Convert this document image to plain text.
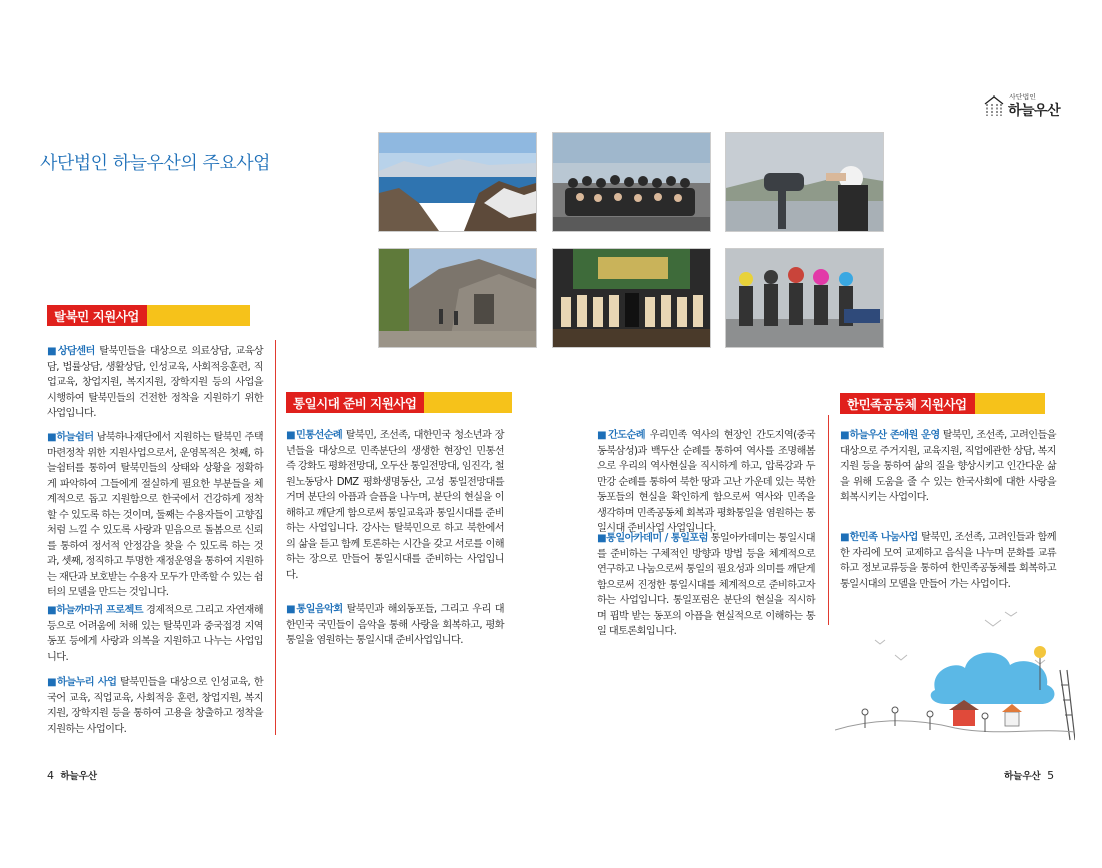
사단법인
하늘우산
사단법인 하늘우산의 주요사업
탈북민 지원사업
통일시대 준비 지원사업	한민족공동체 지원사업
■상담센터 탈북민들을 대상으로 의료상담, 교육상담, 법률상담, 생활상담, 인성교육, 사회적응훈련, 직업교육, 창업지원, 복지지원, 장학지원 등의 사업을 시행하여 탈북민들의 건전한 정착을 지원하기 위한 사업입니다.
■하늘쉼터 남북하나재단에서 지원하는 탈북민 주택 마련정착 위한 지원사업으로서, 운영목적은 첫째, 하늘쉼터를 통하여 탈북민들의 상태와 상황을 정확하게 파악하여 그들에게 절실하게 필요한 부분들을 체계적으로 돕고 지원함으로 한국에서 건강하게 정착할 수 있도록 하는 것이며, 둘째는 수용자들이 고향집처럼 느낄 수 있도록 사랑과 믿음으로 돌봄으로 신뢰를 통하여 정서적 안정감을 찾을 수 있도록 하는 것과, 셋째, 정직하고 투명한 재정운영을 통하여 지원하는 재단과 보호받는 수용자 모두가 만족할 수 있는 쉼터의 모델을 만드는 것입니다.
■하늘까마귀 프로젝트 경제적으로 그리고 자연재해 등으로 어려움에 처해 있는 탈북민과 중국접경 지역동포 등에게 사랑과 의복을 지원하고 나누는 사업입니다.
■하늘누리 사업 탈북민들을 대상으로 인성교육, 한국어 교육, 직업교육, 사회적응 훈련, 창업지원, 복지지원, 장학지원 등을 통하여 고용을 창출하고 정착을 지원하는 사업이다.
■민통선순례 탈북민, 조선족, 대한민국 청소년과 장년들을 대상으로 민족분단의 생생한 현장인 민통선 즉 강화도 평화전망대, 오두산 통일전망대, 임진각, 철원노동당사 DMZ 평화생명동산, 고성 통일전망대를 거며 분단의 아픔과 슬픔을 나누며, 분단의 현실을 이해하고 깨닫게 함으로써 통일교육과 통일시대를 준비하는 사업입니다. 강사는 탈북민으로 하고 북한에서의 삶을 듣고 함께 토론하는 시간을 갖고 서로를 이해하는 장으로 만들어 통일시대를 준비하는 사업입니다.
■통일음악회 탈북민과 해외동포들, 그리고 우리 대한민국 국민들이 음악을 통해 사랑을 회복하고, 평화통일을 염원하는 통일시대 준비사업입니다.
■간도순례 우리민족 역사의 현장인 간도지역(중국 동북삼성)과 백두산 순례를 통하여 역사를 조명해봄으로 우리의 역사현실을 직시하게 하고, 압록강과 두만강 순례를 통하여 북한 땅과 고난 가운데 있는 북한 동포들의 현실을 확인하게 함으로써 역사와 민족을 생각하며 민족공동체 회복과 평화통일을 염원하는 통일시대 준비사업 사업입니다.
■통일아카데미 / 통일포럼 통일아카데미는 통일시대를 준비하는 구체적인 방향과 방법 등을 체계적으로 연구하고 나눔으로써 통일의 필요성과 의미를 깨닫게 함으로써 진정한 통일시대를 체계적으로 준비하고자 하는 사업입니다. 통일포럼은 분단의 현실을 직시하며 핍박 받는 동포의 아픔을 현실적으로 이해하는 통일 대토론회입니다.
■하늘우산 존애원 운영 탈북민, 조선족, 고려인들을 대상으로 주거지원, 교육지원, 직업에관한 상담, 복지지원 등을 통하여 삶의 질을 향상시키고 인간다운 삶을 위해 도움을 줄 수 있는 한국사회에 대한 사랑을 회복시키는 사업이다.
■한민족 나눔사업 탈북민, 조선족, 고려인들과 함께 한 자리에 모여 교제하고 음식을 나누며 문화를 교류하고 정보교류등을 통하여 한민족공동체를 회복하고 통일시대의 모델을 만들어 가는 사업이다.
4 하늘우산	하늘우산 5
